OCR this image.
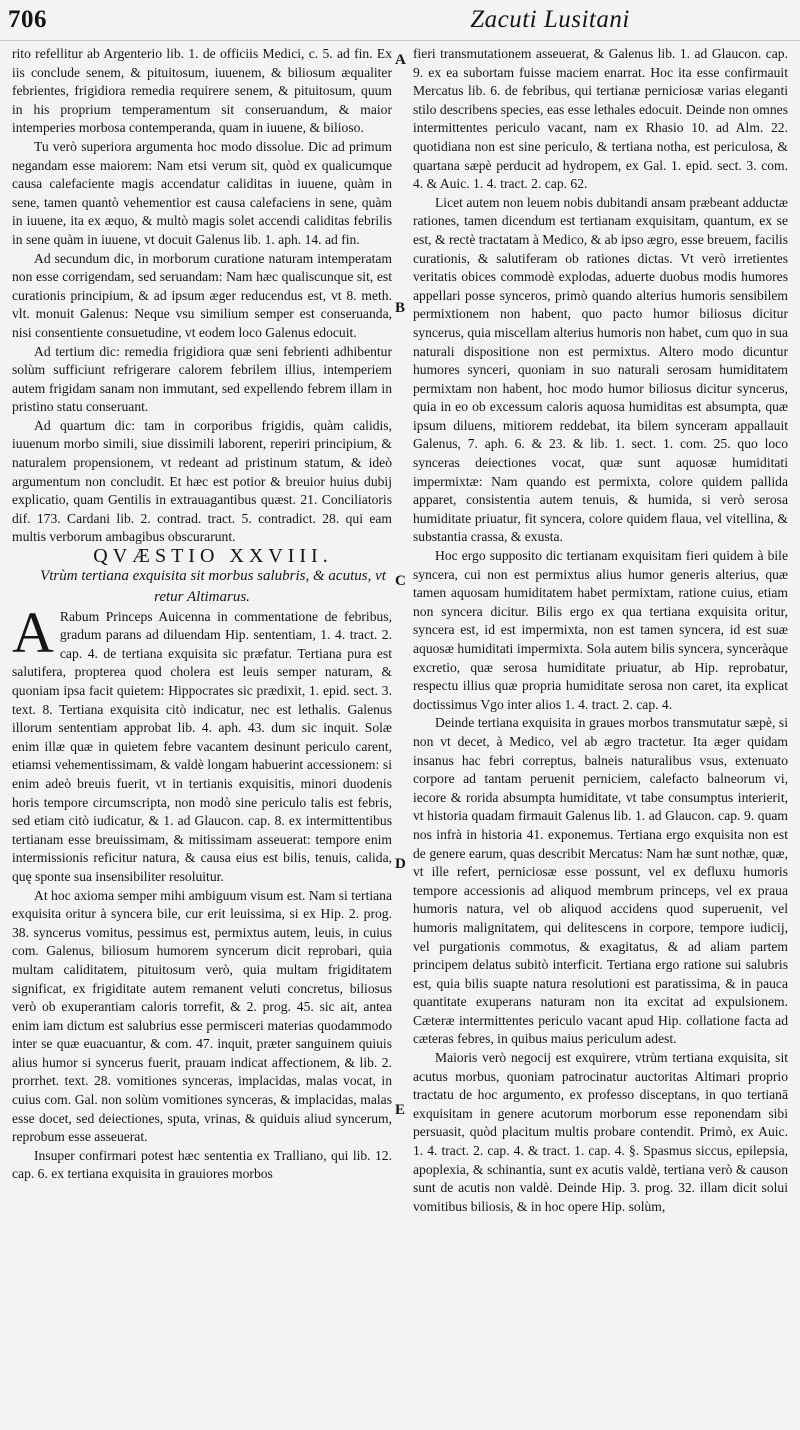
706	Zacuti Lusitani
A
B
C
D
E

rito refellitur ab Argenterio lib. 1. de officiis Medici, c. 5. ad fin. Ex iis conclude senem, & pituitosum, iuuenem, & biliosum æqualiter febrientes, frigidiora remedia requirere senem, & pituitosum, quum in his proprium temperamentum sit conseruandum, & maior intemperies morbosa contemperanda, quam in iuuene, & bilioso.

Tu verò superiora argumenta hoc modo dissolue. Dic ad primum negandam esse maiorem: Nam etsi verum sit, quòd ex qualicumque causa calefaciente magis accendatur caliditas in iuuene, quàm in sene, tamen quantò vehementior est causa calefaciens in sene, quàm in iuuene, ita ex æquo, & multò magis solet accendi caliditas febrilis in sene quàm in iuuene, vt docuit Galenus lib. 1. aph. 14. ad fin.

Ad secundum dic, in morborum curatione naturam intemperatam non esse corrigendam, sed seruandam: Nam hæc qualiscunque sit, est curationis principium, & ad ipsum æger reducendus est, vt 8. meth. vlt. monuit Galenus: Neque vsu similium semper est conseruanda, nisi consentiente consuetudine, vt eodem loco Galenus edocuit.

Ad tertium dic: remedia frigidiora quæ seni febrienti adhibentur solùm sufficiunt refrigerare calorem febrilem illius, intemperiem autem frigidam sanam non immutant, sed expellendo febrem illam in pristino statu conseruant.

Ad quartum dic: tam in corporibus frigidis, quàm calidis, iuuenum morbo simili, siue dissimili laborent, reperiri principium, & naturalem propensionem, vt redeant ad pristinum statum, & ideò argumentum non concludit. Et hæc est potior & breuior huius dubij explicatio, quam Gentilis in extrauagantibus quæst. 21. Conciliatoris dif. 173. Cardani lib. 2. contrad. tract. 5. contradict. 28. qui eam multis verborum ambagibus obscurarunt.

QVÆSTIO XXVIII.

Vtrùm tertiana exquisita sit morbus salubris, & acutus, vt retur Altimarus.

A Rabum Princeps Auicenna in commentatione de febribus, gradum parans ad diluendam Hip. sententiam, 1. 4. tract. 2. cap. 4. de tertiana exquisita sic præfatur. Tertiana pura est salutifera, propterea quod cholera est leuis semper naturam, & quoniam ipsa facit quietem: Hippocrates sic prædixit, 1. epid. sect. 3. text. 8. Tertiana exquisita citò indicatur, nec est lethalis. Galenus illorum sententiam approbat lib. 4. aph. 43. dum sic inquit. Solæ enim illæ quæ in quietem febre vacantem desinunt periculo carent, etiamsi vehementissimam, & valdè longam habuerint accessionem: si enim adeò breuis fuerit, vt in tertianis exquisitis, minori duodenis horis tempore circumscripta, non modò sine periculo talis est febris, sed etiam citò iudicatur, & 1. ad Glaucon. cap. 8. ex intermittentibus tertianam esse breuissimam, & mitissimam asseuerat: tempore enim intermissionis reficitur natura, & causa eius est bilis, tenuis, calida, quę sponte sua insensibiliter resoluitur.

At hoc axioma semper mihi ambiguum visum est. Nam si tertiana exquisita oritur à syncera bile, cur erit leuissima, si ex Hip. 2. prog. 38. syncerus vomitus, pessimus est, permixtus autem, leuis, in cuius com. Galenus, biliosum humorem syncerum dicit reprobari, quia multam caliditatem, pituitosum verò, quia multam frigiditatem significat, ex frigiditate autem remanent veluti concretus, biliosus verò ob exuperantiam caloris torrefit, & 2. prog. 45. sic ait, antea enim iam dictum est salubrius esse permisceri materias quodammodo inter se quæ euacuantur, & com. 47. inquit, præter sanguinem quiuis alius humor si syncerus fuerit, prauam indicat affectionem, & lib. 2. prorrhet. text. 28. vomitiones synceras, implacidas, malas vocat, in cuius com. Gal. non solùm vomitiones synceras, & implacidas, malas esse docet, sed deiectiones, sputa, vrinas, & quiduis aliud syncerum, reprobum esse asseuerat.

Insuper confirmari potest hæc sententia ex Tralliano, qui lib. 12. cap. 6. ex tertiana exquisita in grauiores morbos

fieri transmutationem asseuerat, & Galenus lib. 1. ad Glaucon. cap. 9. ex ea subortam fuisse maciem enarrat. Hoc ita esse confirmauit Mercatus lib. 6. de febribus, qui tertianæ perniciosæ varias eleganti stilo describens species, eas esse lethales edocuit. Deinde non omnes intermittentes periculo vacant, nam ex Rhasio 10. ad Alm. 22. quotidiana non est sine periculo, & tertiana notha, est periculosa, & quartana sæpè perducit ad hydropem, ex Gal. 1. epid. sect. 3. com. 4. & Auic. 1. 4. tract. 2. cap. 62.

Licet autem non leuem nobis dubitandi ansam præbeant adductæ rationes, tamen dicendum est tertianam exquisitam, quantum, ex se est, & rectè tractatam à Medico, & ab ipso ægro, esse breuem, facilis curationis, & salutiferam ob rationes dictas. Vt verò irretientes veritatis obices commodè explodas, aduerte duobus modis humores appellari posse synceros, primò quando alterius humoris sensibilem permixtionem non habent, quo pacto humor biliosus dicitur syncerus, quia miscellam alterius humoris non habet, cum quo in sua naturali dispositione non est permixtus. Altero modo dicuntur humores synceri, quoniam in suo naturali serosam humiditatem permixtam non habent, hoc modo humor biliosus dicitur syncerus, quia in eo ob excessum caloris aquosa humiditas est absumpta, quæ ipsum diluens, mitiorem reddebat, ita bilem synceram appallauit Galenus, 7. aph. 6. & 23. & lib. 1. sect. 1. com. 25. quo loco synceras deiectiones vocat, quæ sunt aquosæ humiditati impermixtæ: Nam quando est permixta, colore quidem pallida apparet, consistentia autem tenuis, & humida, si verò serosa humiditate priuatur, fit syncera, colore quidem flaua, vel vitellina, & substantia crassa, & exusta.

Hoc ergo supposito dic tertianam exquisitam fieri quidem à bile syncera, cui non est permixtus alius humor generis alterius, quæ tamen aquosam humiditatem habet permixtam, ratione cuius, etiam non syncera dicitur. Bilis ergo ex qua tertiana exquisita oritur, syncera est, id est impermixta, non est tamen syncera, id est suæ aquosæ humiditati impermixta. Sola autem bilis syncera, synceràque excretio, quæ serosa humiditate priuatur, ab Hip. reprobatur, respectu illius quæ propria humiditate serosa non caret, ita explicat doctissimus Vgo inter alios 1. 4. tract. 2. cap. 4.

Deinde tertiana exquisita in graues morbos transmutatur sæpè, si non vt decet, à Medico, vel ab ægro tractetur. Ita æger quidam insanus hac febri correptus, balneis naturalibus vsus, extenuato corpore ad tantam peruenit perniciem, calefacto balneorum vi, iecore & rorida absumpta humiditate, vt tabe consumptus interierit, vt historia quadam firmauit Galenus lib. 1. ad Glaucon. cap. 9. quam nos infrà in historia 41. exponemus. Tertiana ergo exquisita non est de genere earum, quas describit Mercatus: Nam hæ sunt nothæ, quæ, vt ille refert, perniciosæ esse possunt, vel ex defluxu humoris tempore accessionis ad aliquod membrum princeps, vel ex praua humoris natura, vel ob aliquod accidens quod superuenit, vel humoris malignitatem, qui delitescens in corpore, tempore iudicij, vel purgationis commotus, & exagitatus, & ad aliam partem principem delatus subitò interficit. Tertiana ergo ratione sui salubris est, quia bilis suapte natura resolutioni est paratissima, & in pauca quantitate exuperans naturam non ita excitat ad expulsionem. Cæteræ intermittentes periculo vacant apud Hip. collatione facta ad cæteras febres, in quibus maius periculum adest.

Maioris verò negocij est exquirere, vtrùm tertiana exquisita, sit acutus morbus, quoniam patrocinatur auctoritas Altimari proprio tractatu de hoc argumento, ex professo disceptans, in quo tertianā exquisitam in genere acutorum morborum esse reponendam sibi persuasit, quòd placitum multis probare contendit. Primò, ex Auic. 1. 4. tract. 2. cap. 4. & tract. 1. cap. 4. §. Spasmus siccus, epilepsia, apoplexia, & schinantia, sunt ex acutis valdè, tertiana verò & causon sunt de acutis non valdè. Deinde Hip. 3. prog. 32. illam dicit solui vomitibus biliosis, & in hoc opere Hip. solùm,
